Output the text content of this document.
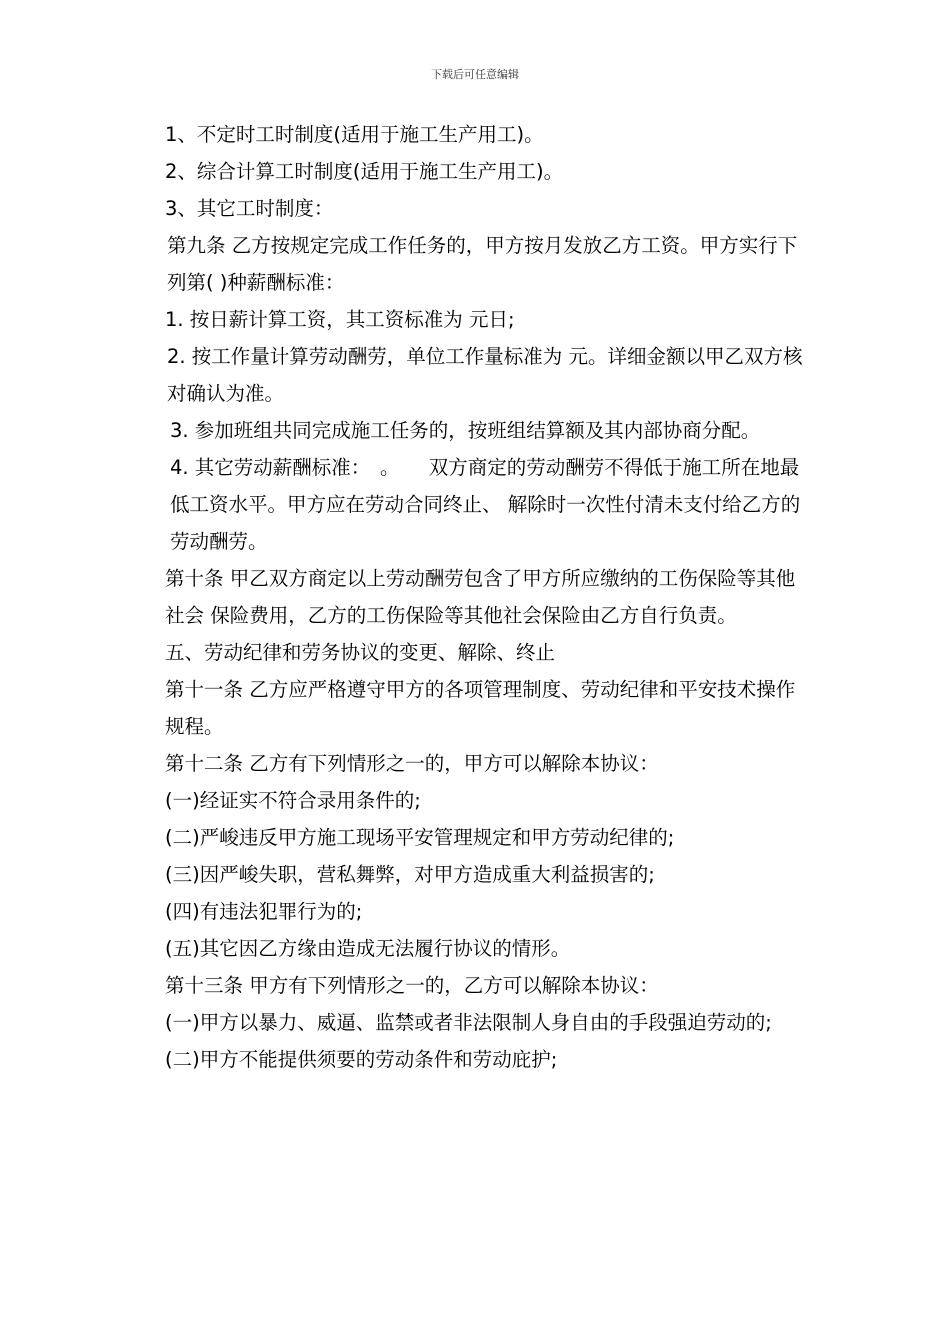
下载后可任意编辑

1、不定时工时制度(适用于施工生产用工)。

2、综合计算工时制度(适用于施工生产用工)。

3、其它工时制度：

第九条 乙方按规定完成工作任务的，甲方按月发放乙方工资。甲方实行下列第( )种薪酬标准：

1. 按日薪计算工资，其工资标准为 元日;

2. 按工作量计算劳动酬劳，单位工作量标准为 元。详细金额以甲乙双方核对确认为准。

3. 参加班组共同完成施工任务的，按班组结算额及其内部协商分配。

4. 其它劳动薪酬标准：　。　　双方商定的劳动酬劳不得低于施工所在地最低工资水平。甲方应在劳动合同终止、 解除时一次性付清未支付给乙方的劳动酬劳。

第十条 甲乙双方商定以上劳动酬劳包含了甲方所应缴纳的工伤保险等其他社会 保险费用，乙方的工伤保险等其他社会保险由乙方自行负责。

五、劳动纪律和劳务协议的变更、解除、终止

第十一条 乙方应严格遵守甲方的各项管理制度、劳动纪律和平安技术操作规程。

第十二条 乙方有下列情形之一的，甲方可以解除本协议：

(一)经证实不符合录用条件的;

(二)严峻违反甲方施工现场平安管理规定和甲方劳动纪律的;

(三)因严峻失职，营私舞弊，对甲方造成重大利益损害的;

(四)有违法犯罪行为的;

(五)其它因乙方缘由造成无法履行协议的情形。

第十三条 甲方有下列情形之一的，乙方可以解除本协议：

(一)甲方以暴力、威逼、监禁或者非法限制人身自由的手段强迫劳动的;

(二)甲方不能提供须要的劳动条件和劳动庇护;
